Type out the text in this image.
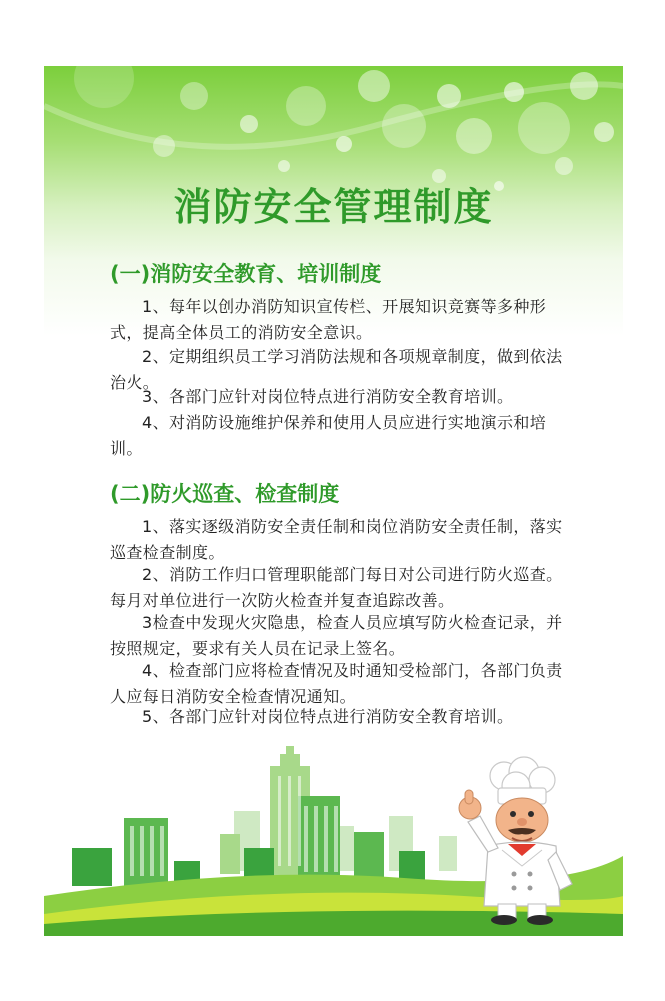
消防安全管理制度
(一)消防安全教育、培训制度
1、每年以创办消防知识宣传栏、开展知识竞赛等多种形式，提高全体员工的消防安全意识。
2、定期组织员工学习消防法规和各项规章制度，做到依法治火。
3、各部门应针对岗位特点进行消防安全教育培训。
4、对消防设施维护保养和使用人员应进行实地演示和培训。
(二)防火巡查、检查制度
1、落实逐级消防安全责任制和岗位消防安全责任制，落实巡查检查制度。
2、消防工作归口管理职能部门每日对公司进行防火巡查。每月对单位进行一次防火检查并复查追踪改善。
3检查中发现火灾隐患，检查人员应填写防火检查记录，并按照规定，要求有关人员在记录上签名。
4、检查部门应将检查情况及时通知受检部门，各部门负责人应每日消防安全检查情况通知。
5、各部门应针对岗位特点进行消防安全教育培训。
